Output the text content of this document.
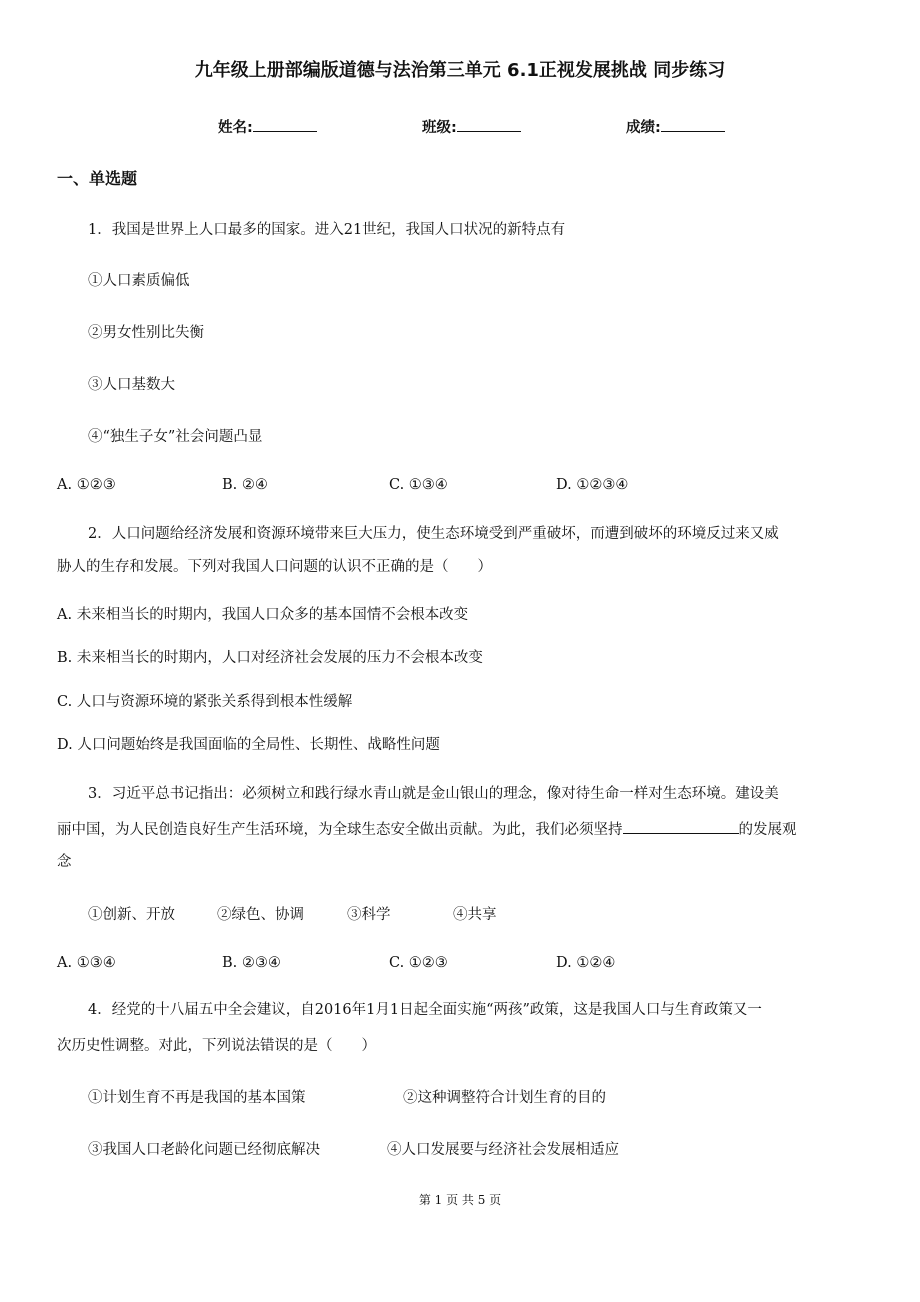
九年级上册部编版道德与法治第三单元 6.1正视发展挑战 同步练习
姓名:	班级:	成绩:
一、单选题
1．我国是世界上人口最多的国家。进入21世纪，我国人口状况的新特点有
①人口素质偏低
②男女性别比失衡
③人口基数大
④“独生子女”社会问题凸显
A. ①②③	B. ②④	C. ①③④	D. ①②③④
2．人口问题给经济发展和资源环境带来巨大压力，使生态环境受到严重破坏，而遭到破坏的环境反过来又威
胁人的生存和发展。下列对我国人口问题的认识不正确的是（　　）
A. 未来相当长的时期内，我国人口众多的基本国情不会根本改变
B. 未来相当长的时期内，人口对经济社会发展的压力不会根本改变
C. 人口与资源环境的紧张关系得到根本性缓解
D. 人口问题始终是我国面临的全局性、长期性、战略性问题
3．习近平总书记指出：必须树立和践行绿水青山就是金山银山的理念，像对待生命一样对生态环境。建设美
丽中国，为人民创造良好生产生活环境，为全球生态安全做出贡献。为此，我们必须坚持	的发展观
念
①创新、开放	②绿色、协调	③科学	④共享
A. ①③④	B. ②③④	C. ①②③	D. ①②④
4．经党的十八届五中全会建议，自2016年1月1日起全面实施“两孩”政策，这是我国人口与生育政策又一
次历史性调整。对此，下列说法错误的是（　　）
①计划生育不再是我国的基本国策	②这种调整符合计划生育的目的
③我国人口老龄化问题已经彻底解决	④人口发展要与经济社会发展相适应
第 1 页 共 5 页
